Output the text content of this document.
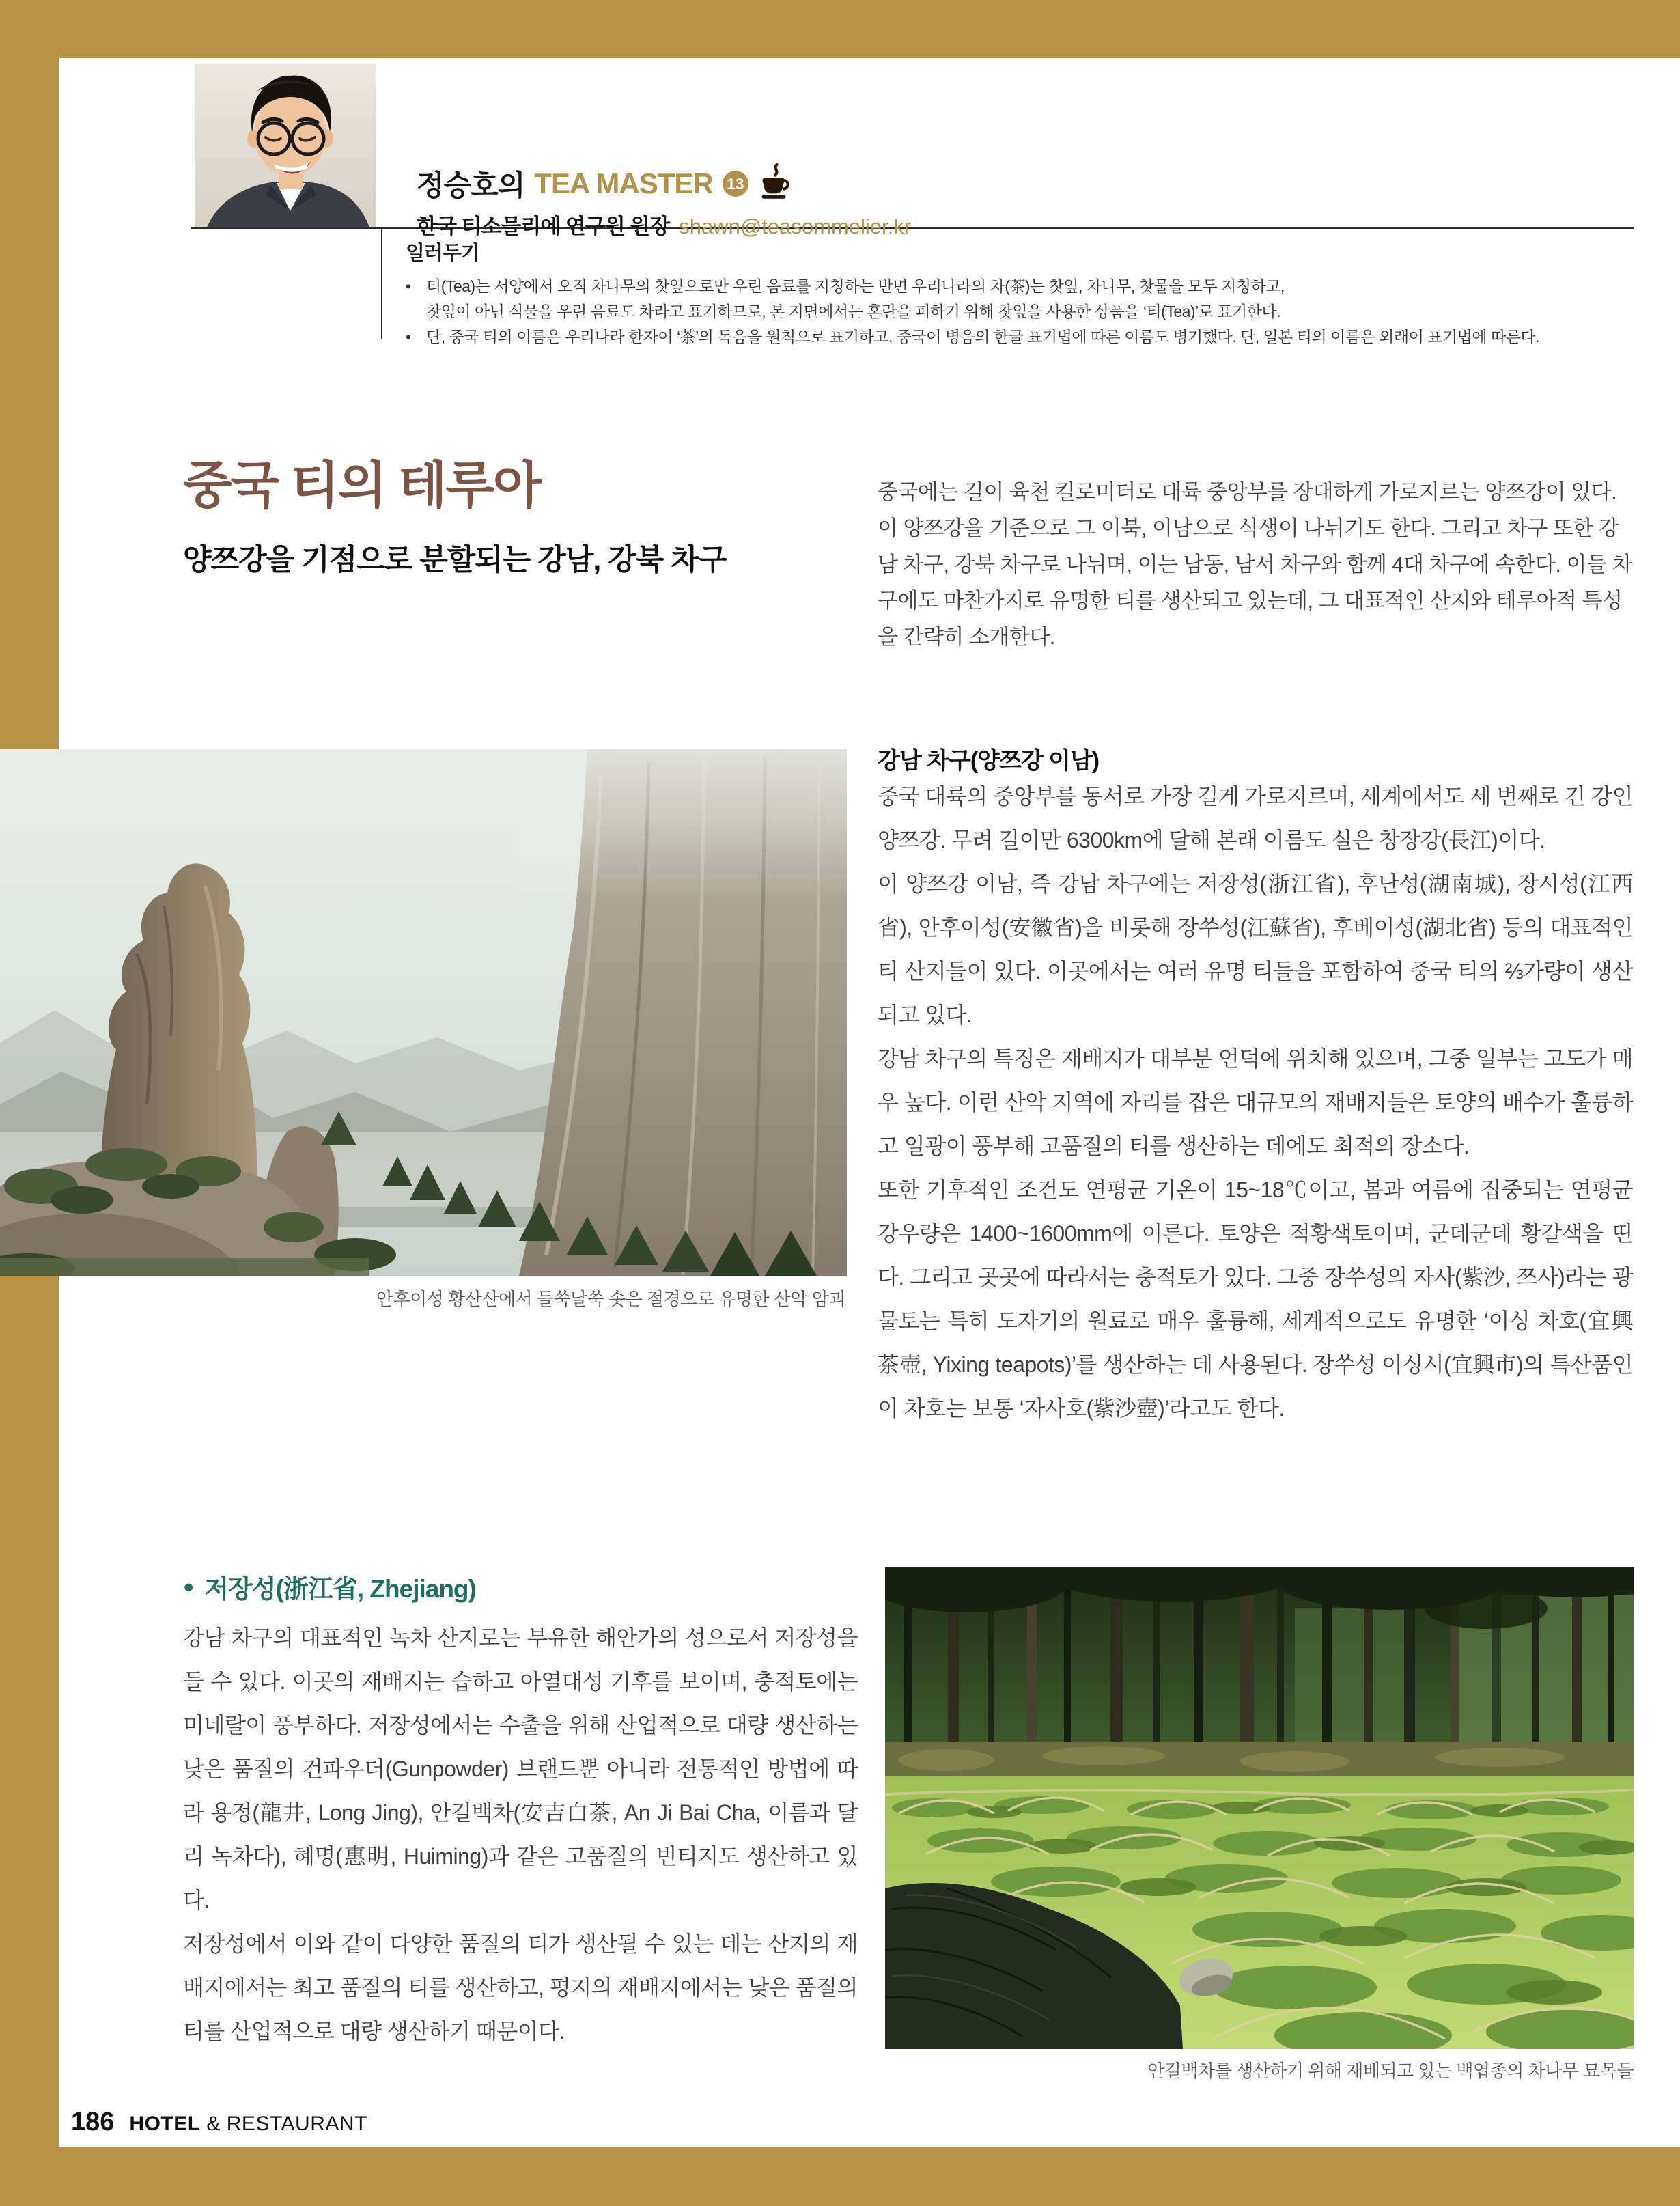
정승호의 TEA MASTER 13
한국 티소믈리에 연구원 원장 shawn@teasommelier.kr
일러두기
• 티(Tea)는 서양에서 오직 차나무의 찻잎으로만 우린 음료를 지칭하는 반면 우리나라의 차(茶)는 찻잎, 차나무, 찻물을 모두 지칭하고,
찻잎이 아닌 식물을 우린 음료도 차라고 표기하므로, 본 지면에서는 혼란을 피하기 위해 찻잎을 사용한 상품을 ‘티(Tea)’로 표기한다.
• 단, 중국 티의 이름은 우리나라 한자어 ‘茶’의 독음을 원칙으로 표기하고, 중국어 병음의 한글 표기법에 따른 이름도 병기했다. 단, 일본 티의 이름은 외래어 표기법에 따른다.
중국 티의 테루아
양쯔강을 기점으로 분할되는 강남, 강북 차구
중국에는 길이 육천 킬로미터로 대륙 중앙부를 장대하게 가로지르는 양쯔강이 있다. 이 양쯔강을 기준으로 그 이북, 이남으로 식생이 나뉘기도 한다. 그리고 차구 또한 강남 차구, 강북 차구로 나뉘며, 이는 남동, 남서 차구와 함께 4대 차구에 속한다. 이들 차구에도 마찬가지로 유명한 티를 생산되고 있는데, 그 대표적인 산지와 테루아적 특성을 간략히 소개한다.
강남 차구(양쯔강 이남)

중국 대륙의 중앙부를 동서로 가장 길게 가로지르며, 세계에서도 세 번째로 긴 강인 양쯔강. 무려 길이만 6300km에 달해 본래 이름도 실은 창장강(長江)이다.

이 양쯔강 이남, 즉 강남 차구에는 저장성(浙江省), 후난성(湖南城), 장시성(江西省), 안후이성(安徽省)을 비롯해 장쑤성(江蘇省), 후베이성(湖北省) 등의 대표적인 티 산지들이 있다. 이곳에서는 여러 유명 티들을 포함하여 중국 티의 ⅔가량이 생산되고 있다.

강남 차구의 특징은 재배지가 대부분 언덕에 위치해 있으며, 그중 일부는 고도가 매우 높다. 이런 산악 지역에 자리를 잡은 대규모의 재배지들은 토양의 배수가 훌륭하고 일광이 풍부해 고품질의 티를 생산하는 데에도 최적의 장소다.

또한 기후적인 조건도 연평균 기온이 15~18℃이고, 봄과 여름에 집중되는 연평균 강우량은 1400~1600mm에 이른다. 토양은 적황색토이며, 군데군데 황갈색을 띤다. 그리고 곳곳에 따라서는 충적토가 있다. 그중 장쑤성의 자사(紫沙, 쯔사)라는 광물토는 특히 도자기의 원료로 매우 훌륭해, 세계적으로도 유명한 ‘이싱 차호(宜興茶壺, Yixing teapots)’를 생산하는 데 사용된다. 장쑤성 이싱시(宜興市)의 특산품인 이 차호는 보통 ‘자사호(紫沙壺)’라고도 한다.

안후이성 황산산에서 들쑥날쑥 솟은 절경으로 유명한 산악 암괴
● 저장성(浙江省, Zhejiang)

강남 차구의 대표적인 녹차 산지로는 부유한 해안가의 성으로서 저장성을 들 수 있다. 이곳의 재배지는 습하고 아열대성 기후를 보이며, 충적토에는 미네랄이 풍부하다. 저장성에서는 수출을 위해 산업적으로 대량 생산하는 낮은 품질의 건파우더(Gunpowder) 브랜드뿐 아니라 전통적인 방법에 따라 용정(龍井, Long Jing), 안길백차(安吉白茶, An Ji Bai Cha, 이름과 달리 녹차다), 혜명(惠明, Huiming)과 같은 고품질의 빈티지도 생산하고 있다.

저장성에서 이와 같이 다양한 품질의 티가 생산될 수 있는 데는 산지의 재배지에서는 최고 품질의 티를 생산하고, 평지의 재배지에서는 낮은 품질의 티를 산업적으로 대량 생산하기 때문이다.

안길백차를 생산하기 위해 재배되고 있는 백엽종의 차나무 묘목들
186 HOTEL & RESTAURANT
